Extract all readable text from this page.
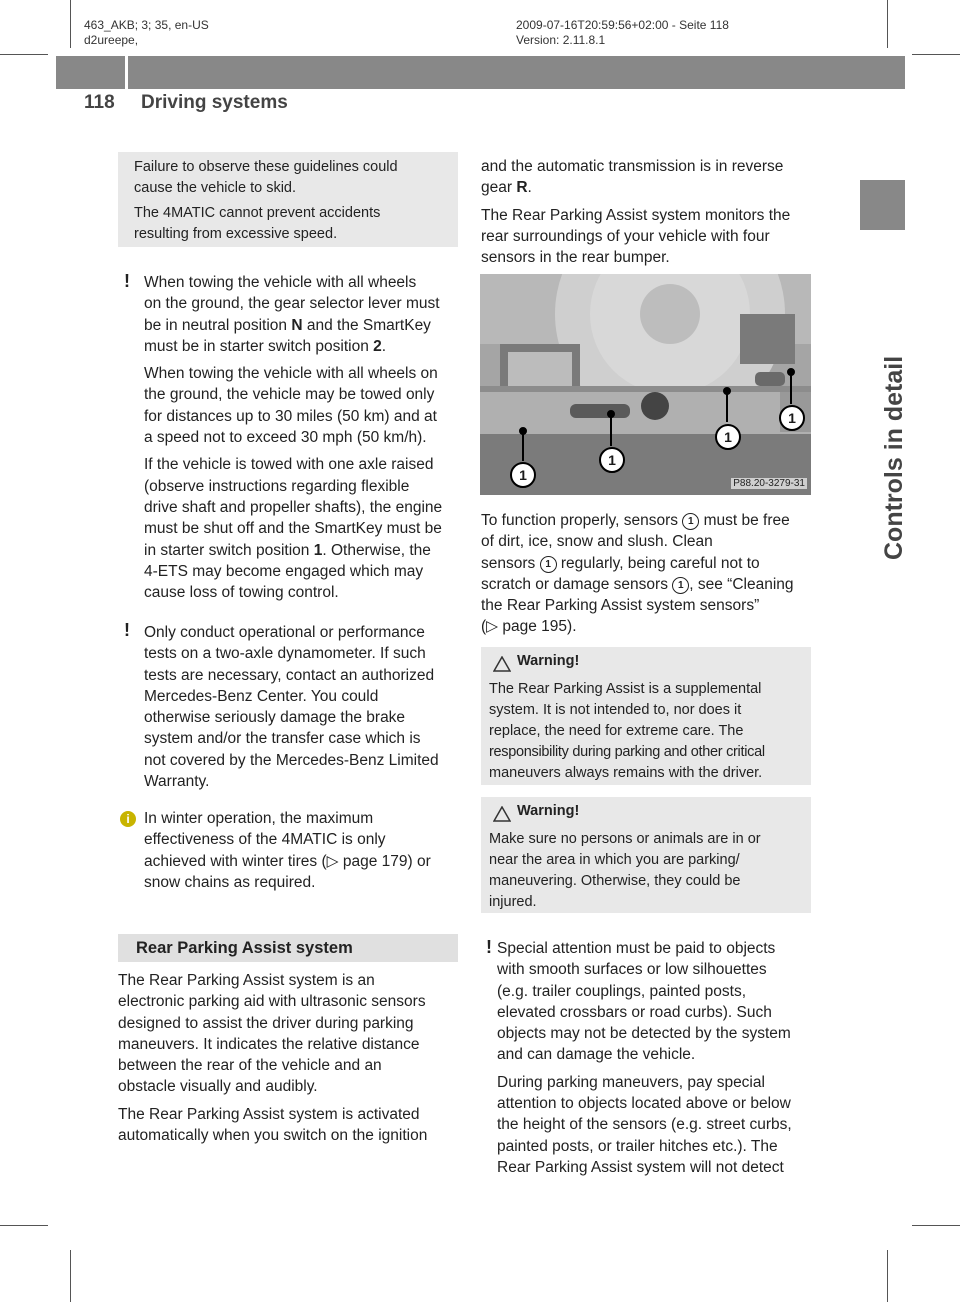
463_AKB; 3; 35, en-US
d2ureepe,
2009-07-16T20:59:56+02:00 - Seite 118
Version: 2.11.8.1
118 Driving systems
Controls in detail
Failure to observe these guidelines could
cause the vehicle to skid.
The 4MATIC cannot prevent accidents
resulting from excessive speed.
! When towing the vehicle with all wheels
on the ground, the gear selector lever must
be in neutral position N and the SmartKey
must be in starter switch position 2.
When towing the vehicle with all wheels on
the ground, the vehicle may be towed only
for distances up to 30 miles (50 km) and at
a speed not to exceed 30 mph (50 km/h).
If the vehicle is towed with one axle raised
(observe instructions regarding flexible
drive shaft and propeller shafts), the engine
must be shut off and the SmartKey must be
in starter switch position 1. Otherwise, the
4-ETS may become engaged which may
cause loss of towing control.
! Only conduct operational or performance
tests on a two-axle dynamometer. If such
tests are necessary, contact an authorized
Mercedes-Benz Center. You could
otherwise seriously damage the brake
system and/or the transfer case which is
not covered by the Mercedes-Benz Limited
Warranty.
i In winter operation, the maximum
effectiveness of the 4MATIC is only
achieved with winter tires (▷ page 179) or
snow chains as required.
Rear Parking Assist system
The Rear Parking Assist system is an
electronic parking aid with ultrasonic sensors
designed to assist the driver during parking
maneuvers. It indicates the relative distance
between the rear of the vehicle and an
obstacle visually and audibly.
The Rear Parking Assist system is activated
automatically when you switch on the ignition
and the automatic transmission is in reverse
gear R.
The Rear Parking Assist system monitors the
rear surroundings of your vehicle with four
sensors in the rear bumper.
1
1
1
1
P88.20-3279-31
To function properly, sensors 1 must be free
of dirt, ice, snow and slush. Clean
sensors 1 regularly, being careful not to
scratch or damage sensors 1 , see “Cleaning
the Rear Parking Assist system sensors”
(▷ page 195).
Warning!
The Rear Parking Assist is a supplemental
system. It is not intended to, nor does it
replace, the need for extreme care. The
responsibility during parking and other critical
maneuvers always remains with the driver.
Warning!
Make sure no persons or animals are in or
near the area in which you are parking/
maneuvering. Otherwise, they could be
injured.
! Special attention must be paid to objects
with smooth surfaces or low silhouettes
(e.g. trailer couplings, painted posts,
elevated crossbars or road curbs). Such
objects may not be detected by the system
and can damage the vehicle.
During parking maneuvers, pay special
attention to objects located above or below
the height of the sensors (e.g. street curbs,
painted posts, or trailer hitches etc.). The
Rear Parking Assist system will not detect
